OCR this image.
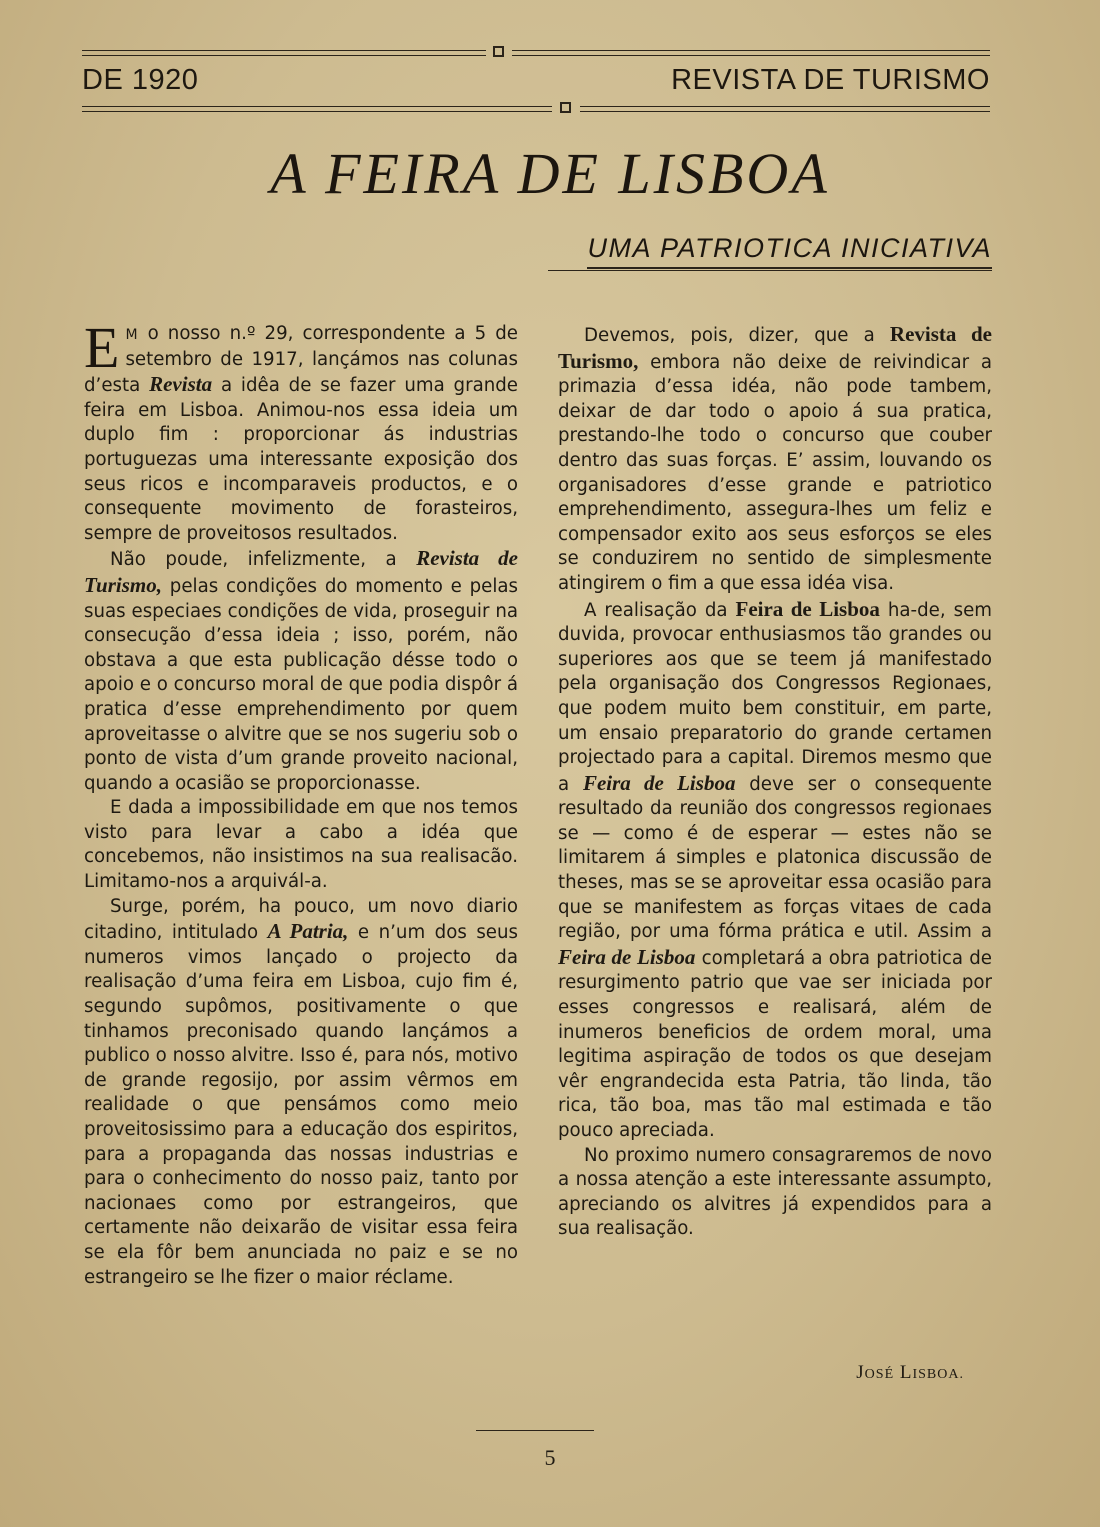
DE 1920	REVISTA DE TURISMO
A FEIRA DE LISBOA
UMA PATRIOTICA INICIATIVA

E M o nosso n.º 29, correspondente a 5 de setembro de 1917, lançámos nas colunas d’esta Revista a idêa de se fazer uma grande feira em Lisboa. Animou-nos essa ideia um duplo fim : proporcionar ás industrias portuguezas uma interessante exposição dos seus ricos e incomparaveis productos, e o consequente movimento de forasteiros, sempre de proveitosos resultados.

Não poude, infelizmente, a Revista de Turismo, pelas condições do momento e pelas suas especiaes condições de vida, proseguir na consecução d’essa ideia ; isso, porém, não obstava a que esta publicação désse todo o apoio e o concurso moral de que podia dispôr á pratica d’esse emprehendimento por quem aproveitasse o alvitre que se nos sugeriu sob o ponto de vista d’um grande proveito nacional, quando a ocasião se proporcionasse.

E dada a impossibilidade em que nos temos visto para levar a cabo a idéa que concebemos, não insistimos na sua realisacão. Limitamo-nos a arquivál-a.

Surge, porém, ha pouco, um novo diario citadino, intitulado A Patria, e n’um dos seus numeros vimos lançado o projecto da realisação d’uma feira em Lisboa, cujo fim é, segundo supômos, positivamente o que tinhamos preconisado quando lançámos a publico o nosso alvitre. Isso é, para nós, motivo de grande regosijo, por assim vêrmos em realidade o que pensámos como meio proveitosissimo para a educação dos espiritos, para a propaganda das nossas industrias e para o conhecimento do nosso paiz, tanto por nacionaes como por estrangeiros, que certamente não deixarão de visitar essa feira se ela fôr bem anunciada no paiz e se no estrangeiro se lhe fizer o maior réclame.

Devemos, pois, dizer, que a Revista de Turismo, embora não deixe de reivindicar a primazia d’essa idéa, não pode tambem, deixar de dar todo o apoio á sua pratica, prestando-lhe todo o concurso que couber dentro das suas forças. E’ assim, louvando os organisadores d’esse grande e patriotico emprehendimento, assegura-lhes um feliz e compensador exito aos seus esforços se eles se conduzirem no sentido de simplesmente atingirem o fim a que essa idéa visa.

A realisação da Feira de Lisboa ha-de, sem duvida, provocar enthusiasmos tão grandes ou superiores aos que se teem já manifestado pela organisação dos Congressos Regionaes, que podem muito bem constituir, em parte, um ensaio preparatorio do grande certamen projectado para a capital. Diremos mesmo que a Feira de Lisboa deve ser o consequente resultado da reunião dos congressos regionaes se — como é de esperar — estes não se limitarem á simples e platonica discussão de theses, mas se se aproveitar essa ocasião para que se manifestem as forças vitaes de cada região, por uma fórma prática e util. Assim a Feira de Lisboa completará a obra patriotica de resurgimento patrio que vae ser iniciada por esses congressos e realisará, além de inumeros beneficios de ordem moral, uma legitima aspiração de todos os que desejam vêr engrandecida esta Patria, tão linda, tão rica, tão boa, mas tão mal estimada e tão pouco apreciada.

No proximo numero consagraremos de novo a nossa atenção a este interessante assumpto, apreciando os alvitres já expendidos para a sua realisação.

JOSÉ LISBOA.
5
